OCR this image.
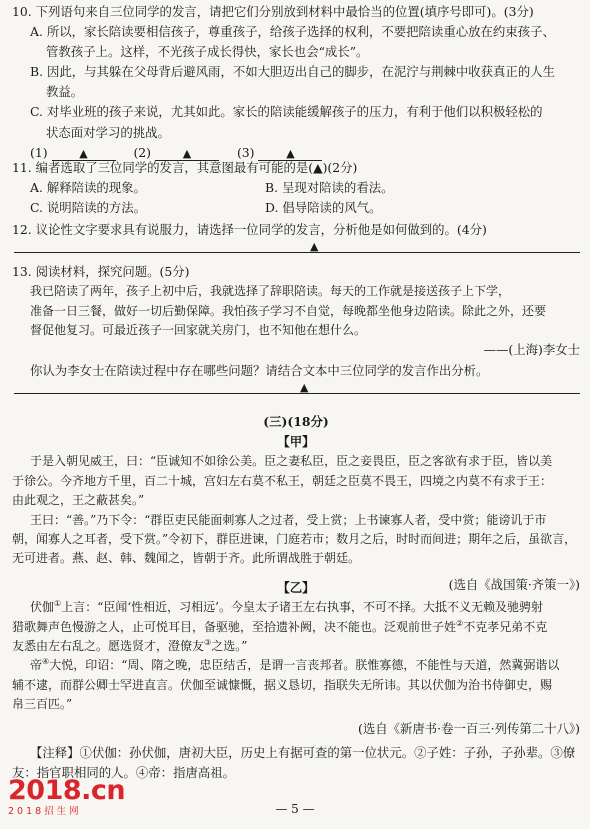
10. 下列语句来自三位同学的发言，请把它们分别放到材料中最恰当的位置(填序号即可)。(3分)
A. 所以，家长陪读要相信孩子，尊重孩子，给孩子选择的权利，不要把陪读重心放在约束孩子、
管教孩子上。这样，不光孩子成长得快，家长也会“成长”。
B. 因此，与其躲在父母背后避风雨，不如大胆迈出自己的脚步，在泥泞与荆棘中收获真正的人生
教益。
C. 对毕业班的孩子来说，尤其如此。家长的陪读能缓解孩子的压力，有利于他们以积极轻松的
状态面对学习的挑战。
(1)	▲	(2)	▲	(3)	▲
11. 编者选取了三位同学的发言，其意图最有可能的是(▲)(2分)
A. 解释陪读的现象。	B. 呈现对陪读的看法。
C. 说明陪读的方法。	D. 倡导陪读的风气。
12. 议论性文字要求具有说服力，请选择一位同学的发言，分析他是如何做到的。(4分)
▲
13. 阅读材料，探究问题。(5分)
我已陪读了两年，孩子上初中后，我就选择了辞职陪读。每天的工作就是接送孩子上下学，
准备一日三餐，做好一切后勤保障。我怕孩子学习不自觉，每晚都坐他身边陪读。除此之外，还要
督促他复习。可最近孩子一回家就关房门，也不知他在想什么。
——(上海)李女士
你认为李女士在陪读过程中存在哪些问题？请结合文本中三位同学的发言作出分析。
▲
(三)(18分)
【甲】
于是入朝见威王，曰：“臣诚知不如徐公美。臣之妻私臣，臣之妾畏臣，臣之客欲有求于臣，皆以美
于徐公。今齐地方千里，百二十城，宫妇左右莫不私王，朝廷之臣莫不畏王，四境之内莫不有求于王：
由此观之，王之蔽甚矣。”
王曰：“善。”乃下令：“群臣吏民能面刺寡人之过者，受上赏；上书谏寡人者，受中赏；能谤讥于市
朝，闻寡人之耳者，受下赏。”令初下，群臣进谏，门庭若市；数月之后，时时而间进；期年之后，虽欲言，
无可进者。燕、赵、韩、魏闻之，皆朝于齐。此所谓战胜于朝廷。
(选自《战国策·齐策一》)
【乙】
伏伽①上言：“臣闻‘性相近，习相远’。今皇太子诸王左右执事，不可不择。大抵不义无赖及驰骋射
猎歌舞声色慢游之人，止可悦耳目，备驱驰，至拾遗补阙，决不能也。泛观前世子姓②不克孝兄弟不克
友悉由左右乱之。愿选贤才，澄僚友③之选。”
帝④大悦，印诏：“周、隋之晚，忠臣结舌，是谓一言丧邦者。朕惟寡德，不能性与天道，然冀弼谐以
辅不逮，而群公卿士罕进直言。伏伽至诚慷慨，据义恳切，指联失无所讳。其以伏伽为治书侍御史，赐
帛三百匹。”
(选自《新唐书·卷一百三·列传第二十八》)
【注释】①伏伽：孙伏伽，唐初大臣，历史上有据可查的第一位状元。②子姓：子孙，子孙辈。③僚
友：指官职相同的人。④帝：指唐高祖。
2018.cn
2018招生网	— 5 —
